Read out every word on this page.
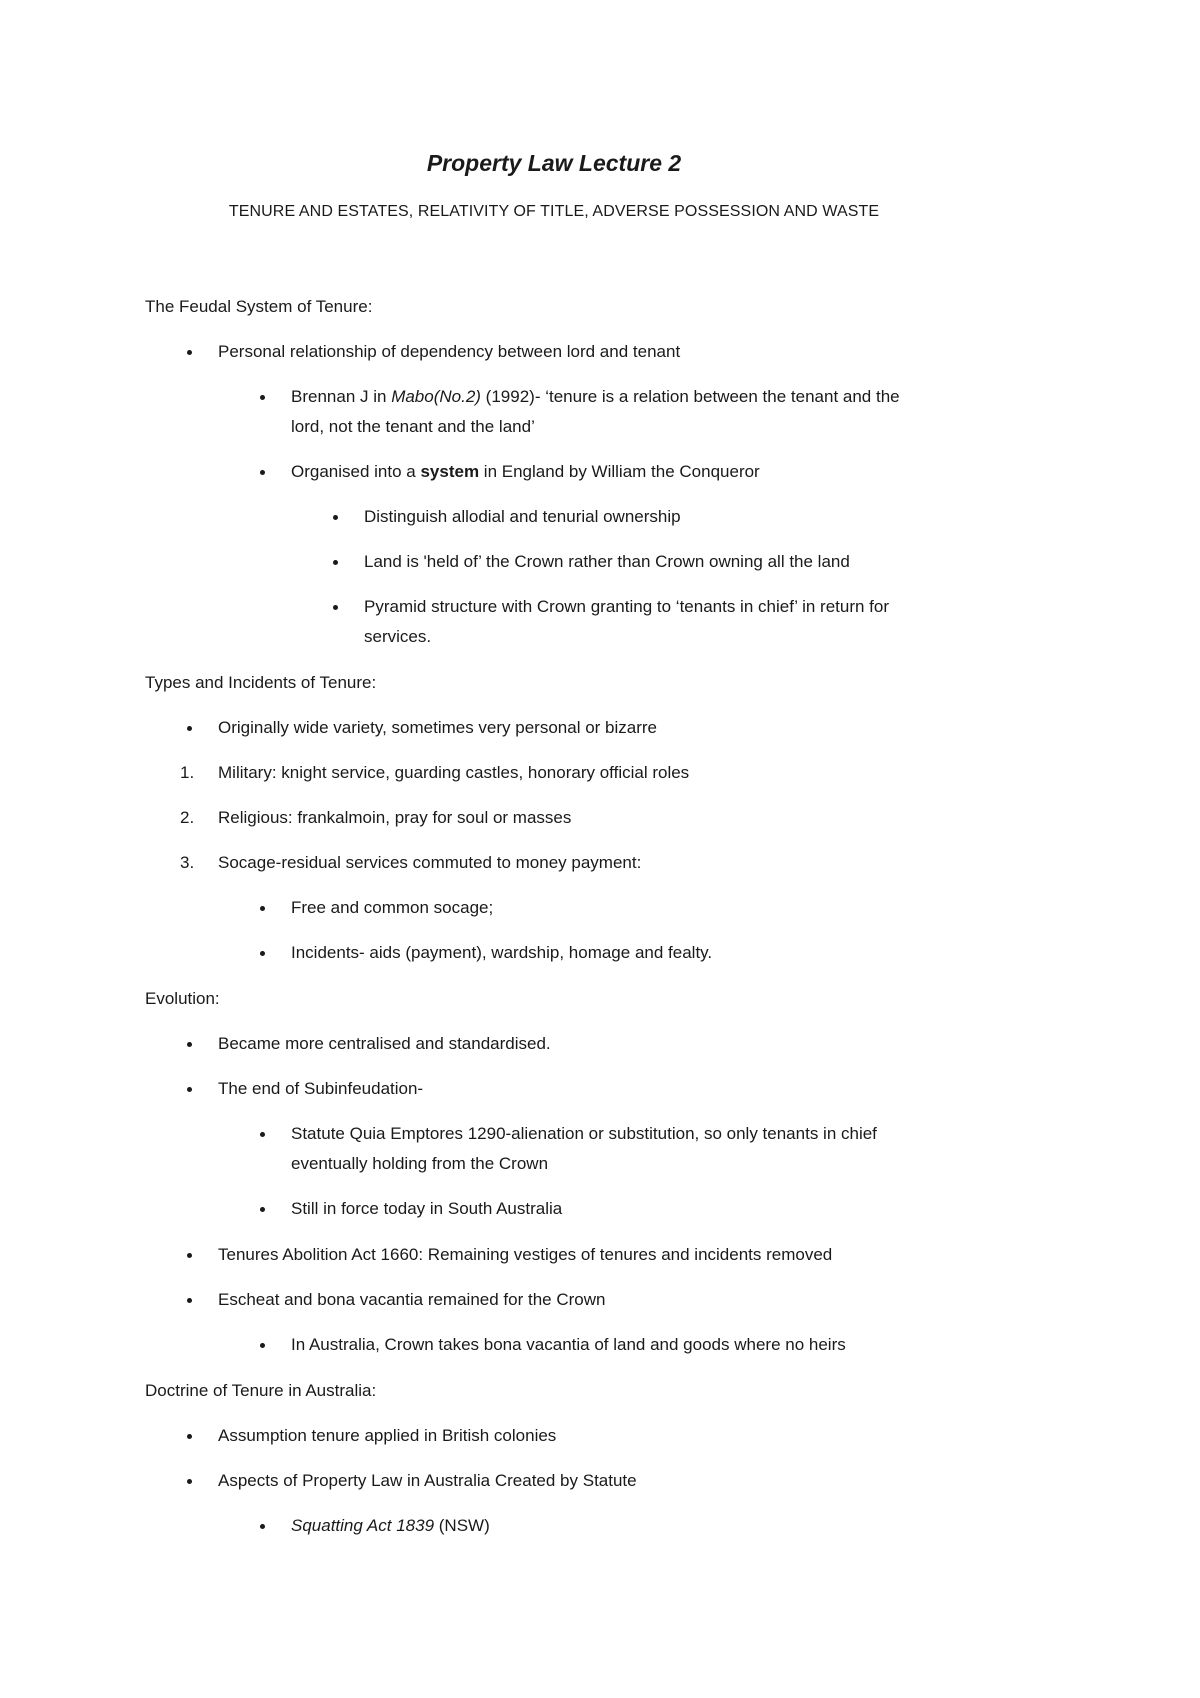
Property Law Lecture 2
TENURE AND ESTATES, RELATIVITY OF TITLE, ADVERSE POSSESSION AND WASTE
The Feudal System of Tenure:
Personal relationship of dependency between lord and tenant
Brennan J in Mabo(No.2) (1992)- ‘tenure is a relation between the tenant and the
lord, not the tenant and the land’
Organised into a system in England by William the Conqueror
Distinguish allodial and tenurial ownership
Land is 'held of’ the Crown rather than Crown owning all the land
Pyramid structure with Crown granting to ‘tenants in chief’ in return for
services.
Types and Incidents of Tenure:
Originally wide variety, sometimes very personal or bizarre
1. Military: knight service, guarding castles, honorary official roles
2. Religious: frankalmoin, pray for soul or masses
3. Socage-residual services commuted to money payment:
Free and common socage;
Incidents- aids (payment), wardship, homage and fealty.
Evolution:
Became more centralised and standardised.
The end of Subinfeudation-
Statute Quia Emptores 1290-alienation or substitution, so only tenants in chief
eventually holding from the Crown
Still in force today in South Australia
Tenures Abolition Act 1660: Remaining vestiges of tenures and incidents removed
Escheat and bona vacantia remained for the Crown
In Australia, Crown takes bona vacantia of land and goods where no heirs
Doctrine of Tenure in Australia:
Assumption tenure applied in British colonies
Aspects of Property Law in Australia Created by Statute
Squatting Act 1839 (NSW)
